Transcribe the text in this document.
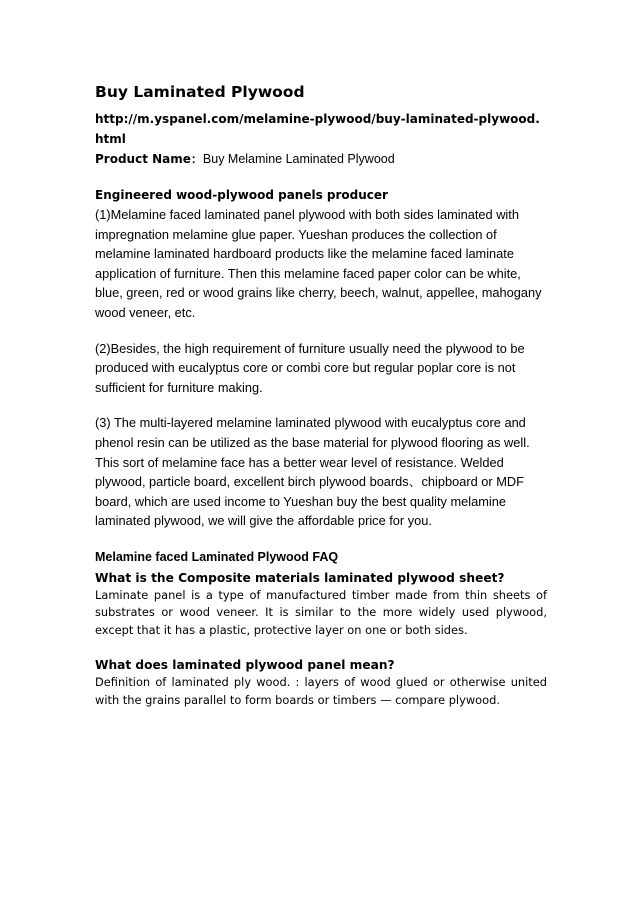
Buy Laminated Plywood

http://m.yspanel.com/melamine-plywood/buy-laminated-plywood.html

Product Name：Buy Melamine Laminated Plywood

Engineered wood-plywood panels producer

(1)Melamine faced laminated panel plywood with both sides laminated with impregnation melamine glue paper. Yueshan produces the collection of melamine laminated hardboard products like the melamine faced laminate application of furniture. Then this melamine faced paper color can be white, blue, green, red or wood grains like cherry, beech, walnut, appellee, mahogany wood veneer, etc.

(2)Besides, the high requirement of furniture usually need the plywood to be produced with eucalyptus core or combi core but regular poplar core is not sufficient for furniture making.

(3) The multi-layered melamine laminated plywood with eucalyptus core and phenol resin can be utilized as the base material for plywood flooring as well. This sort of melamine face has a better wear level of resistance. Welded plywood, particle board, excellent birch plywood boards、chipboard or MDF board, which are used income to Yueshan buy the best quality melamine laminated plywood, we will give the affordable price for you.

Melamine faced Laminated Plywood FAQ

What is the Composite materials laminated plywood sheet?

Laminate panel is a type of manufactured timber made from thin sheets of substrates or wood veneer. It is similar to the more widely used plywood, except that it has a plastic, protective layer on one or both sides.

What does laminated plywood panel mean?

Definition of laminated ply wood. : layers of wood glued or otherwise united with the grains parallel to form boards or timbers — compare plywood.
